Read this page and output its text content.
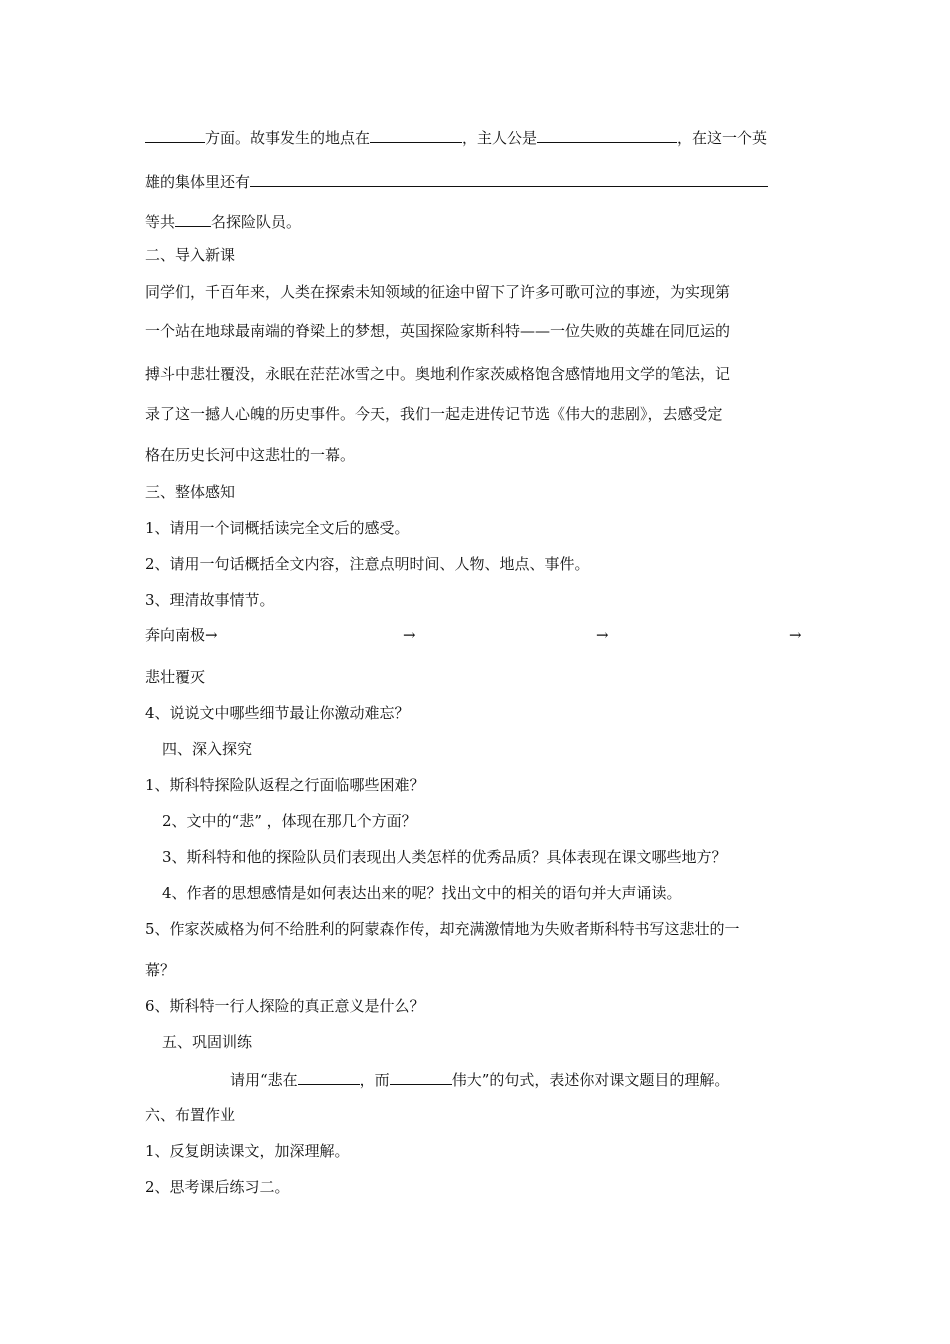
方面。故事发生的地点在	，主人公是	，在这一个英
雄的集体里还有
等共 名探险队员。
二、导入新课
同学们，千百年来，人类在探索未知领域的征途中留下了许多可歌可泣的事迹，为实现第
一个站在地球最南端的脊梁上的梦想，英国探险家斯科特——一位失败的英雄在同厄运的
搏斗中悲壮覆没，永眠在茫茫冰雪之中。奥地利作家茨威格饱含感情地用文学的笔法，记
录了这一撼人心魄的历史事件。今天，我们一起走进传记节选《伟大的悲剧》，去感受定
格在历史长河中这悲壮的一幕。
三、整体感知
1、请用一个词概括读完全文后的感受。
2、请用一句话概括全文内容，注意点明时间、人物、地点、事件。
3、理清故事情节。
奔向南极→	→	→	→
悲壮覆灭
4、说说文中哪些细节最让你激动难忘？
四、深入探究
1、斯科特探险队返程之行面临哪些困难？
2、文中的“悲” ，体现在那几个方面？
3、斯科特和他的探险队员们表现出人类怎样的优秀品质？具体表现在课文哪些地方？
4、作者的思想感情是如何表达出来的呢？找出文中的相关的语句并大声诵读。
5、作家茨威格为何不给胜利的阿蒙森作传，却充满激情地为失败者斯科特书写这悲壮的一
幕？
6、斯科特一行人探险的真正意义是什么？
五、巩固训练
请用“悲在	，而	伟大”的句式，表述你对课文题目的理解。
六、布置作业
1、反复朗读课文，加深理解。
2、思考课后练习二。
